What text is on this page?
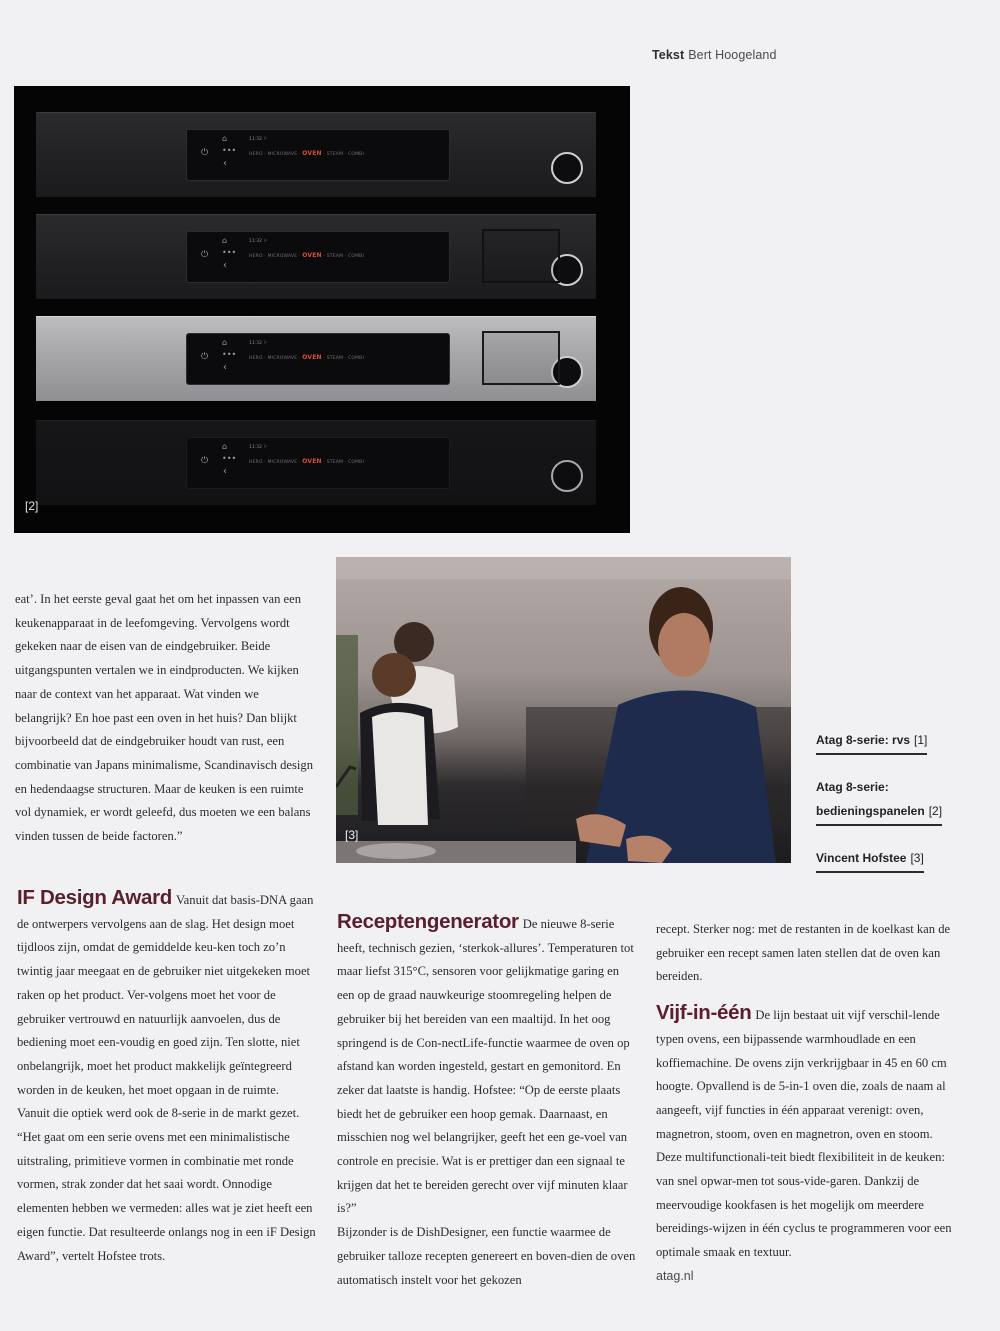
Tekst Bert Hoogeland
⏻
⌂
•••
‹
11:32 ⚐
HERO · MICROWAVE · OVEN · STEAM · COMBI
⏻
⌂
•••
‹
11:32 ⚐
HERO · MICROWAVE · OVEN · STEAM · COMBI
⏻
⌂
•••
‹
11:32 ⚐
HERO · MICROWAVE · OVEN · STEAM · COMBI
⏻
⌂
•••
‹
11:32 ⚐
HERO · MICROWAVE · OVEN · STEAM · COMBI
[2]
[3]
Atag 8-serie: rvs [1]
Atag 8-serie:
bedieningspanelen [2]
Vincent Hofstee [3]

eat’. In het eerste geval gaat het om het inpassen van een keukenapparaat in de leefomgeving. Vervolgens wordt gekeken naar de eisen van de eindgebruiker. Beide uitgangspunten vertalen we in eindproducten. We kijken naar de context van het apparaat. Wat vinden we belangrijk? En hoe past een oven in het huis? Dan blijkt bijvoorbeeld dat de eindgebruiker houdt van rust, een combinatie van Japans minimalisme, Scandinavisch design en hedendaagse structuren. Maar de keuken is een ruimte vol dynamiek, er wordt geleefd, dus moeten we een balans vinden tussen de beide factoren.”

IF Design Award Vanuit dat basis-DNA gaan de ontwerpers vervolgens aan de slag. Het design moet tijdloos zijn, omdat de gemiddelde keu-ken toch zo’n twintig jaar meegaat en de gebruiker niet uitgekeken moet raken op het product. Ver-volgens moet het voor de gebruiker vertrouwd en natuurlijk aanvoelen, dus de bediening moet een-voudig en goed zijn. Ten slotte, niet onbelangrijk, moet het product makkelijk geïntegreerd worden in de keuken, het moet opgaan in de ruimte.

Vanuit die optiek werd ook de 8-serie in de markt gezet. “Het gaat om een serie ovens met een minimalistische uitstraling, primitieve vormen in combinatie met ronde vormen, strak zonder dat het saai wordt. Onnodige elementen hebben we vermeden: alles wat je ziet heeft een eigen functie. Dat resulteerde onlangs nog in een iF Design Award”, vertelt Hofstee trots.

Receptengenerator De nieuwe 8-serie heeft, technisch gezien, ‘sterkok-allures’. Temperaturen tot maar liefst 315°C, sensoren voor gelijkmatige garing en een op de graad nauwkeurige stoomregeling helpen de gebruiker bij het bereiden van een maaltijd. In het oog springend is de Con-nectLife-functie waarmee de oven op afstand kan worden ingesteld, gestart en gemonitord. En zeker dat laatste is handig. Hofstee: “Op de eerste plaats biedt het de gebruiker een hoop gemak. Daarnaast, en misschien nog wel belangrijker, geeft het een ge-voel van controle en precisie. Wat is er prettiger dan een signaal te krijgen dat het te bereiden gerecht over vijf minuten klaar is?”

Bijzonder is de DishDesigner, een functie waarmee de gebruiker talloze recepten genereert en boven-dien de oven automatisch instelt voor het gekozen

recept. Sterker nog: met de restanten in de koelkast kan de gebruiker een recept samen laten stellen dat de oven kan bereiden.

Vijf-in-één De lijn bestaat uit vijf verschil-lende typen ovens, een bijpassende warmhoudlade en een koffiemachine. De ovens zijn verkrijgbaar in 45 en 60 cm hoogte. Opvallend is de 5-in-1 oven die, zoals de naam al aangeeft, vijf functies in één apparaat verenigt: oven, magnetron, stoom, oven en magnetron, oven en stoom. Deze multifunctionali-teit biedt flexibiliteit in de keuken: van snel opwar-men tot sous-vide-garen. Dankzij de meervoudige kookfasen is het mogelijk om meerdere bereidings-wijzen in één cyclus te programmeren voor een optimale smaak en textuur.

atag.nl
